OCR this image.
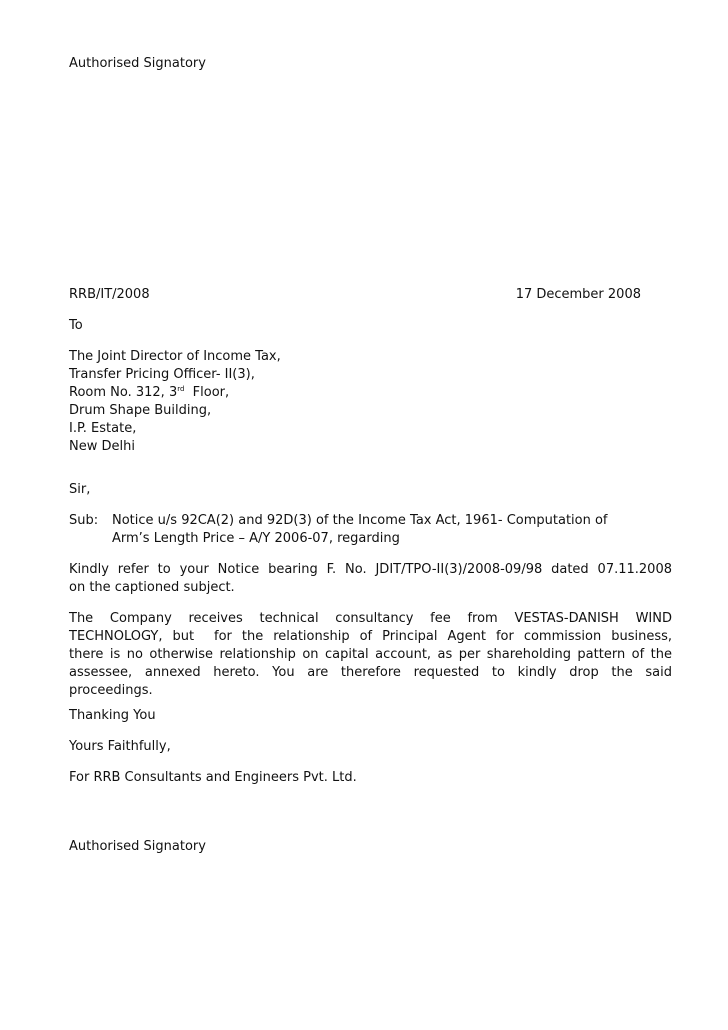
Authorised Signatory
RRB/IT/2008	17 December 2008
To
The Joint Director of Income Tax,
Transfer Pricing Officer- II(3),
Room No. 312, 3rd  Floor,
Drum Shape Building,
I.P. Estate,
New Delhi
Sir,
Sub:	Notice u/s 92CA(2) and 92D(3) of the Income Tax Act, 1961- Computation of
Arm’s Length Price – A/Y 2006-07, regarding
Kindly refer to your Notice bearing F. No. JDIT/TPO-II(3)/2008-09/98 dated 07.11.2008
on the captioned subject.
The Company receives technical consultancy fee from VESTAS-DANISH WIND
TECHNOLOGY, but  for the relationship of Principal Agent for commission business,
there is no otherwise relationship on capital account, as per shareholding pattern of the
assessee, annexed hereto. You are therefore requested to kindly drop the said
proceedings.
Thanking You
Yours Faithfully,
For RRB Consultants and Engineers Pvt. Ltd.
Authorised Signatory
